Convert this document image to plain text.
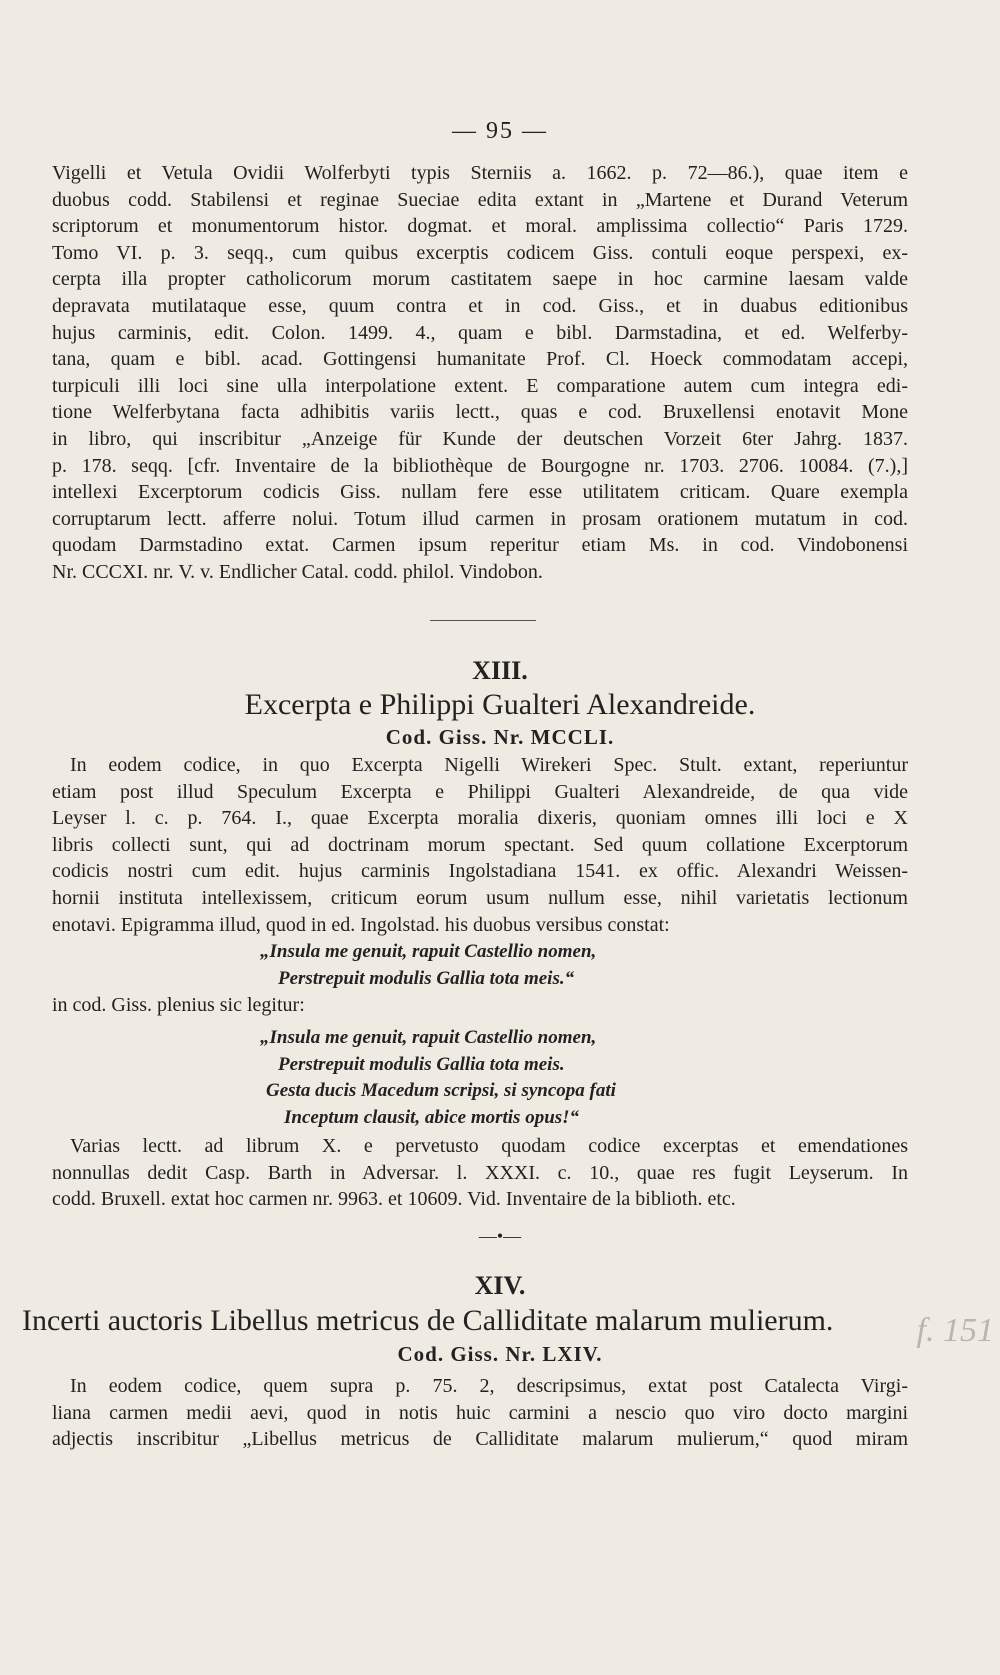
— 95 —
Vigelli et Vetula Ovidii Wolferbyti typis Sterniis a. 1662. p. 72—86.), quae item e
duobus codd. Stabilensi et reginae Sueciae edita extant in „Martene et Durand Veterum
scriptorum et monumentorum histor. dogmat. et moral. amplissima collectio“ Paris 1729.
Tomo VI. p. 3. seqq., cum quibus excerptis codicem Giss. contuli eoque perspexi, ex-
cerpta illa propter catholicorum morum castitatem saepe in hoc carmine laesam valde
depravata mutilataque esse, quum contra et in cod. Giss., et in duabus editionibus
hujus carminis, edit. Colon. 1499. 4., quam e bibl. Darmstadina, et ed. Welferby-
tana, quam e bibl. acad. Gottingensi humanitate Prof. Cl. Hoeck commodatam accepi,
turpiculi illi loci sine ulla interpolatione extent. E comparatione autem cum integra edi-
tione Welferbytana facta adhibitis variis lectt., quas e cod. Bruxellensi enotavit Mone
in libro, qui inscribitur „Anzeige für Kunde der deutschen Vorzeit 6ter Jahrg. 1837.
p. 178. seqq. [cfr. Inventaire de la bibliothèque de Bourgogne nr. 1703. 2706. 10084. (7.),]
intellexi Excerptorum codicis Giss. nullam fere esse utilitatem criticam. Quare exempla
corruptarum lectt. afferre nolui. Totum illud carmen in prosam orationem mutatum in cod.
quodam Darmstadino extat. Carmen ipsum reperitur etiam Ms. in cod. Vindobonensi
Nr. CCCXI. nr. V. v. Endlicher Catal. codd. philol. Vindobon.
XIII.
Excerpta e Philippi Gualteri Alexandreide.
Cod. Giss. Nr. MCCLI.
In eodem codice, in quo Excerpta Nigelli Wirekeri Spec. Stult. extant, reperiuntur
etiam post illud Speculum Excerpta e Philippi Gualteri Alexandreide, de qua vide
Leyser l. c. p. 764. I., quae Excerpta moralia dixeris, quoniam omnes illi loci e X
libris collecti sunt, qui ad doctrinam morum spectant. Sed quum collatione Excerptorum
codicis nostri cum edit. hujus carminis Ingolstadiana 1541. ex offic. Alexandri Weissen-
hornii instituta intellexissem, criticum eorum usum nullum esse, nihil varietatis lectionum
enotavi. Epigramma illud, quod in ed. Ingolstad. his duobus versibus constat:
„Insula me genuit, rapuit Castellio nomen,
Perstrepuit modulis Gallia tota meis.“
in cod. Giss. plenius sic legitur:
„Insula me genuit, rapuit Castellio nomen,
Perstrepuit modulis Gallia tota meis.
Gesta ducis Macedum scripsi, si syncopa fati
Inceptum clausit, abice mortis opus!“
Varias lectt. ad librum X. e pervetusto quodam codice excerptas et emendationes
nonnullas dedit Casp. Barth in Adversar. l. XXXI. c. 10., quae res fugit Leyserum. In
codd. Bruxell. extat hoc carmen nr. 9963. et 10609. Vid. Inventaire de la biblioth. etc.
—•—
XIV.
Incerti auctoris Libellus metricus de Calliditate malarum mulierum.
Cod. Giss. Nr. LXIV.
In eodem codice, quem supra p. 75. 2, descripsimus, extat post Catalecta Virgi-
liana carmen medii aevi, quod in notis huic carmini a nescio quo viro docto margini
adjectis inscribitur „Libellus metricus de Calliditate malarum mulierum,“ quod miram
f. 151
